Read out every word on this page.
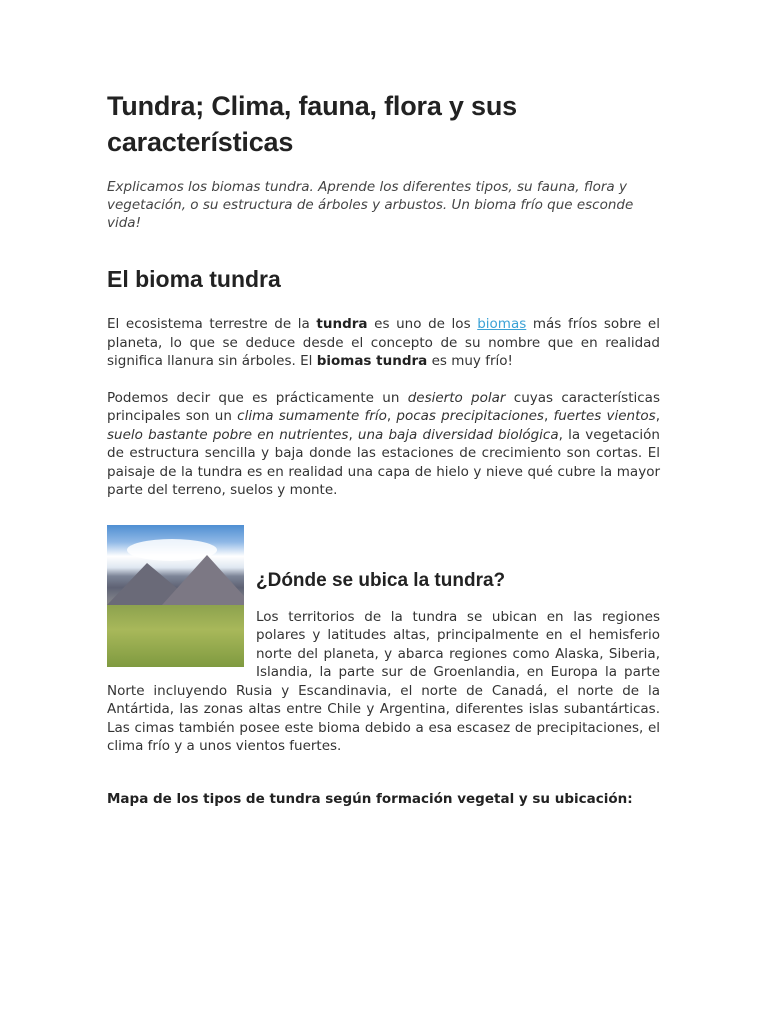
Tundra; Clima, fauna, flora y sus características

Explicamos los biomas tundra. Aprende los diferentes tipos, su fauna, flora y vegetación, o su estructura de árboles y arbustos. Un bioma frío que esconde vida!

El bioma tundra

El ecosistema terrestre de la tundra es uno de los biomas más fríos sobre el planeta, lo que se deduce desde el concepto de su nombre que en realidad significa llanura sin árboles. El biomas tundra es muy frío!

Podemos decir que es prácticamente un desierto polar cuyas características principales son un clima sumamente frío, pocas precipitaciones, fuertes vientos, suelo bastante pobre en nutrientes, una baja diversidad biológica, la vegetación de estructura sencilla y baja donde las estaciones de crecimiento son cortas. El paisaje de la tundra es en realidad una capa de hielo y nieve qué cubre la mayor parte del terreno, suelos y monte.

¿Dónde se ubica la tundra?

Los territorios de la tundra se ubican en las regiones polares y latitudes altas, principalmente en el hemisferio norte del planeta, y abarca regiones como Alaska, Siberia, Islandia, la parte sur de Groenlandia, en Europa la parte Norte incluyendo Rusia y Escandinavia, el norte de Canadá, el norte de la Antártida, las zonas altas entre Chile y Argentina, diferentes islas subantárticas. Las cimas también posee este bioma debido a esa escasez de precipitaciones, el clima frío y a unos vientos fuertes.

Mapa de los tipos de tundra según formación vegetal y su ubicación:
